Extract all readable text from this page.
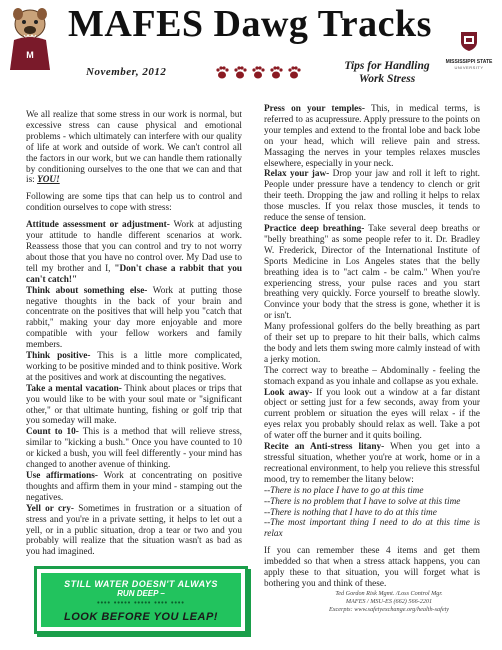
M
MAFES Dawg Tracks
MISSISSIPPI STATE
UNIVERSITY
November, 2012	Tips for Handling
Work Stress

We all realize that some stress in our work is normal, but excessive stress can cause physical and emotional problems - which ultimately can interfere with our quality of life at work and outside of work. We can't control all the factors in our work, but we can handle them rationally by conditioning ourselves to the one that we can and that is: YOU!

Following are some tips that can help us to control and condition ourselves to cope with stress:

Attitude assessment or adjustment- Work at adjusting your attitude to handle different scenarios at work. Reassess those that you can control and try to not worry about those that you have no control over. My Dad use to tell my brother and I, "Don't chase a rabbit that you can't catch!"

Think about something else- Work at putting those negative thoughts in the back of your brain and concentrate on the positives that will help you "catch that rabbit," making your day more enjoyable and more compatible with your fellow workers and family members.

Think positive- This is a little more complicated, working to be positive minded and to think positive. Work at the positives and work at discounting the negatives.

Take a mental vacation- Think about places or trips that you would like to be with your soul mate or "significant other," or that ultimate hunting, fishing or golf trip that you someday will make.

Count to 10- This is a method that will relieve stress, similar to "kicking a bush." Once you have counted to 10 or kicked a bush, you will feel differently - your mind has changed to another avenue of thinking.

Use affirmations- Work at concentrating on positive thoughts and affirm them in your mind - stamping out the negatives.

Yell or cry- Sometimes in frustration or a situation of stress and you're in a private setting, it helps to let out a yell, or in a public situation, drop a tear or two and you probably will realize that the situation wasn't as bad as you had imagined.

Press on your temples- This, in medical terms, is referred to as acupressure. Apply pressure to the points on your temples and extend to the frontal lobe and back lobe on your head, which will relieve pain and stress. Massaging the nerves in your temples relaxes muscles elsewhere, especially in your neck.

Relax your jaw- Drop your jaw and roll it left to right. People under pressure have a tendency to clench or grit their teeth. Dropping the jaw and rolling it helps to relax those muscles. If you relax those muscles, it tends to reduce the sense of tension.

Practice deep breathing- Take several deep breaths or "belly breathing" as some people refer to it. Dr. Bradley W. Frederick, Director of the International Institute of Sports Medicine in Los Angeles states that the belly breathing idea is to "act calm - be calm." When you're experiencing stress, your pulse races and you start breathing very quickly. Force yourself to breathe slowly. Convince your body that the stress is gone, whether it is or isn't.

Many professional golfers do the belly breathing as part of their set up to prepare to hit their balls, which calms the body and lets them swing more calmly instead of with a jerky motion.

The correct way to breathe – Abdominally - feeling the stomach expand as you inhale and collapse as you exhale.

Look away- If you look out a window at a far distant object or setting just for a few seconds, away from your current problem or situation the eyes will relax - if the eyes relax you probably should relax as well. Take a pot of water off the burner and it quits boiling.

Recite an Anti-stress litany- When you get into a stressful situation, whether you're at work, home or in a recreational environment, to help you relieve this stressful mood, try to remember the litany below:

--There is no place I have to go at this time

--There is no problem that I have to solve at this time

--There is nothing that I have to do at this time

--The most important thing I need to do at this time is relax

If you can remember these 4 items and get them imbedded so that when a stress attack happens, you can apply these to that situation, you will forget what is bothering you and think of these.

STILL WATER DOESN'T ALWAYS
RUN DEEP –
•••• ••••• ••••• •••• ••••
LOOK BEFORE YOU LEAP!
Ted Gordon Risk Mgmt. /Loss Control Mgr.
MAFES / MSU-ES (662) 566-2201
Excerpts: www.safetyexchange.org/health-safety
